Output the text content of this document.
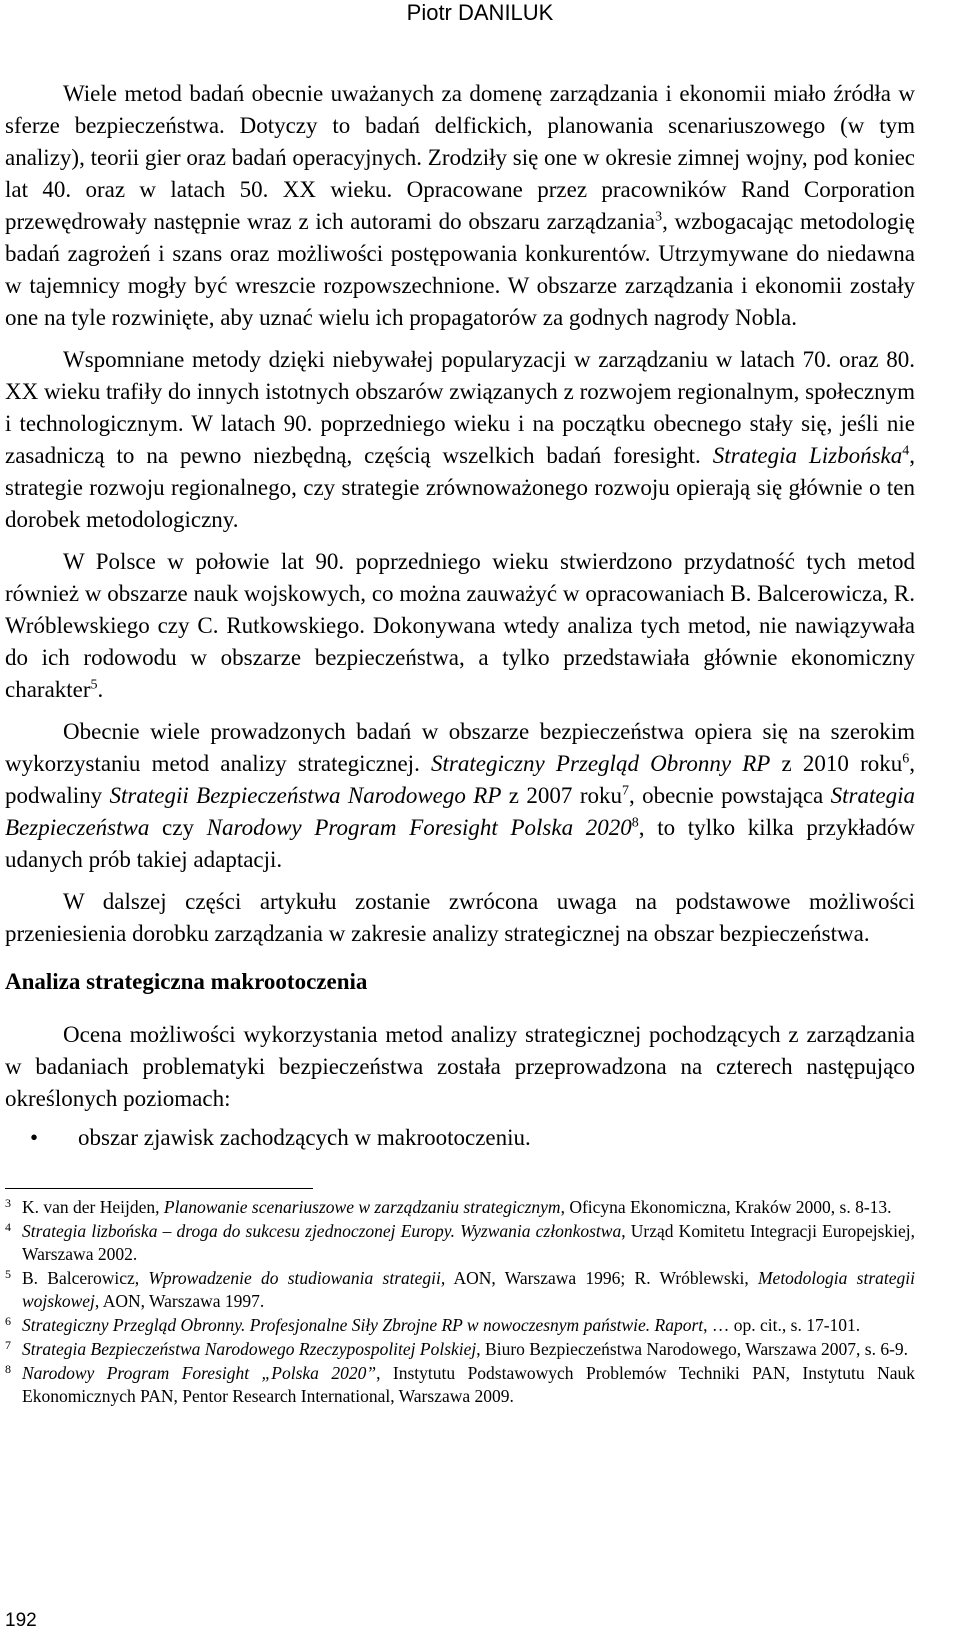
Piotr DANILUK

Wiele metod badań obecnie uważanych za domenę zarządzania i ekonomii miało źródła w sferze bezpieczeństwa. Dotyczy to badań delfickich, planowania scenariuszowego (w tym analizy), teorii gier oraz badań operacyjnych. Zrodziły się one w okresie zimnej wojny, pod koniec lat 40. oraz w latach 50. XX wieku. Opracowane przez pracowników Rand Corporation przewędrowały następnie wraz z ich autorami do obszaru zarządzania$^3$, wzbogacając metodologię badań zagrożeń i szans oraz możliwości postępowania konkurentów. Utrzymywane do niedawna w tajemnicy mogły być wreszcie rozpowszechnione. W obszarze zarządzania i ekonomii zostały one na tyle rozwinięte, aby uznać wielu ich propagatorów za godnych nagrody Nobla.

Wspomniane metody dzięki niebywałej popularyzacji w zarządzaniu w latach 70. oraz 80. XX wieku trafiły do innych istotnych obszarów związanych z rozwojem regionalnym, społecznym i technologicznym. W latach 90. poprzedniego wieku i na początku obecnego stały się, jeśli nie zasadniczą to na pewno niezbędną, częścią wszelkich badań foresight. Strategia Lizbońska$^4$, strategie rozwoju regionalnego, czy strategie zrównoważonego rozwoju opierają się głównie o ten dorobek metodologiczny.

W Polsce w połowie lat 90. poprzedniego wieku stwierdzono przydatność tych metod również w obszarze nauk wojskowych, co można zauważyć w opracowaniach B. Balcerowicza, R. Wróblewskiego czy C. Rutkowskiego. Dokonywana wtedy analiza tych metod, nie nawiązywała do ich rodowodu w obszarze bezpieczeństwa, a tylko przedstawiała głównie ekonomiczny charakter$^5$.

Obecnie wiele prowadzonych badań w obszarze bezpieczeństwa opiera się na szerokim wykorzystaniu metod analizy strategicznej. Strategiczny Przegląd Obronny RP z 2010 roku$^6$, podwaliny Strategii Bezpieczeństwa Narodowego RP z 2007 roku$^7$, obecnie powstająca Strategia Bezpieczeństwa czy Narodowy Program Foresight Polska 2020$^8$, to tylko kilka przykładów udanych prób takiej adaptacji.

W dalszej części artykułu zostanie zwrócona uwaga na podstawowe możliwości przeniesienia dorobku zarządzania w zakresie analizy strategicznej na obszar bezpieczeństwa.

Analiza strategiczna makrootoczenia

Ocena możliwości wykorzystania metod analizy strategicznej pochodzących z zarządzania w badaniach problematyki bezpieczeństwa została przeprowadzona na czterech następująco określonych poziomach:

• obszar zjawisk zachodzących w makrootoczeniu.

3 K. van der Heijden, Planowanie scenariuszowe w zarządzaniu strategicznym, Oficyna Ekonomiczna, Kraków 2000, s. 8-13.

4 Strategia lizbońska – droga do sukcesu zjednoczonej Europy. Wyzwania członkostwa, Urząd Komitetu Integracji Europejskiej, Warszawa 2002.

5 B. Balcerowicz, Wprowadzenie do studiowania strategii, AON, Warszawa 1996; R. Wróblewski, Metodologia strategii wojskowej, AON, Warszawa 1997.

6 Strategiczny Przegląd Obronny. Profesjonalne Siły Zbrojne RP w nowoczesnym państwie. Raport, … op. cit., s. 17-101.

7 Strategia Bezpieczeństwa Narodowego Rzeczypospolitej Polskiej, Biuro Bezpieczeństwa Narodowego, Warszawa 2007, s. 6-9.

8 Narodowy Program Foresight „Polska 2020”, Instytutu Podstawowych Problemów Techniki PAN, Instytutu Nauk Ekonomicznych PAN, Pentor Research International, Warszawa 2009.

192
